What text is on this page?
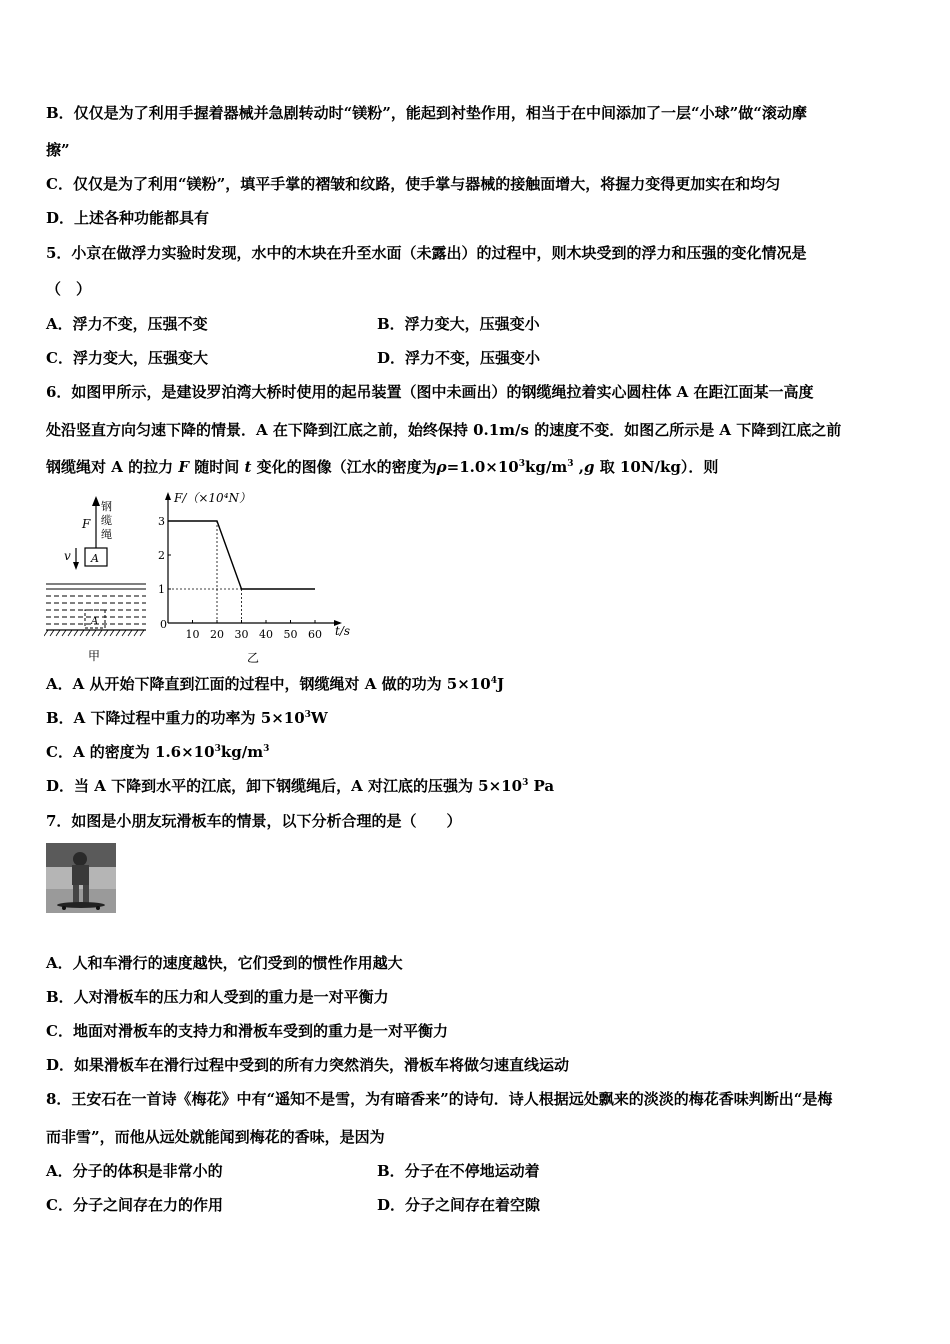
B．仅仅是为了利用手握着器械并急剧转动时“镁粉”，能起到衬垫作用，相当于在中间添加了一层“小球”做“滚动摩
擦”
C．仅仅是为了利用“镁粉”，填平手掌的褶皱和纹路，使手掌与器械的接触面增大，将握力变得更加实在和均匀
D．上述各种功能都具有
5．小京在做浮力实验时发现，水中的木块在升至水面（未露出）的过程中，则木块受到的浮力和压强的变化情况是
（　）
A．浮力不变，压强不变	B．浮力变大，压强变小
C．浮力变大，压强变大	D．浮力不变，压强变小
6．如图甲所示，是建设罗泊湾大桥时使用的起吊装置（图中未画出）的钢缆绳拉着实心圆柱体 A 在距江面某一高度
处沿竖直方向匀速下降的情景．A 在下降到江底之前，始终保持 0.1m/s 的速度不变．如图乙所示是 A 下降到江底之前
钢缆绳对 A 的拉力 F 随时间 t 变化的图像（江水的密度为$\rho=1.0\times 10^3kg/m^3$ ,g 取 10N/kg）．则
F
钢
缆
绳
A
v
A
甲
F/（×10⁴N）
t/s
0
1
2
3
10 20 30 40 50 60
乙
A．A 从开始下降直到江面的过程中，钢缆绳对 A 做的功为 $5\times 10^4J$
B．A 下降过程中重力的功率为 $5\times 10^3W$
C．A 的密度为 $1.6\times 10^3kg/m^3$
D．当 A 下降到水平的江底，卸下钢缆绳后，A 对江底的压强为 $5\times 10^3$ Pa
7．如图是小朋友玩滑板车的情景，以下分析合理的是（　　）
A．人和车滑行的速度越快，它们受到的惯性作用越大
B．人对滑板车的压力和人受到的重力是一对平衡力
C．地面对滑板车的支持力和滑板车受到的重力是一对平衡力
D．如果滑板车在滑行过程中受到的所有力突然消失，滑板车将做匀速直线运动
8．王安石在一首诗《梅花》中有“遥知不是雪，为有暗香来”的诗句．诗人根据远处飘来的淡淡的梅花香味判断出“是梅
而非雪”，而他从远处就能闻到梅花的香味，是因为
A．分子的体积是非常小的	B．分子在不停地运动着
C．分子之间存在力的作用	D．分子之间存在着空隙
